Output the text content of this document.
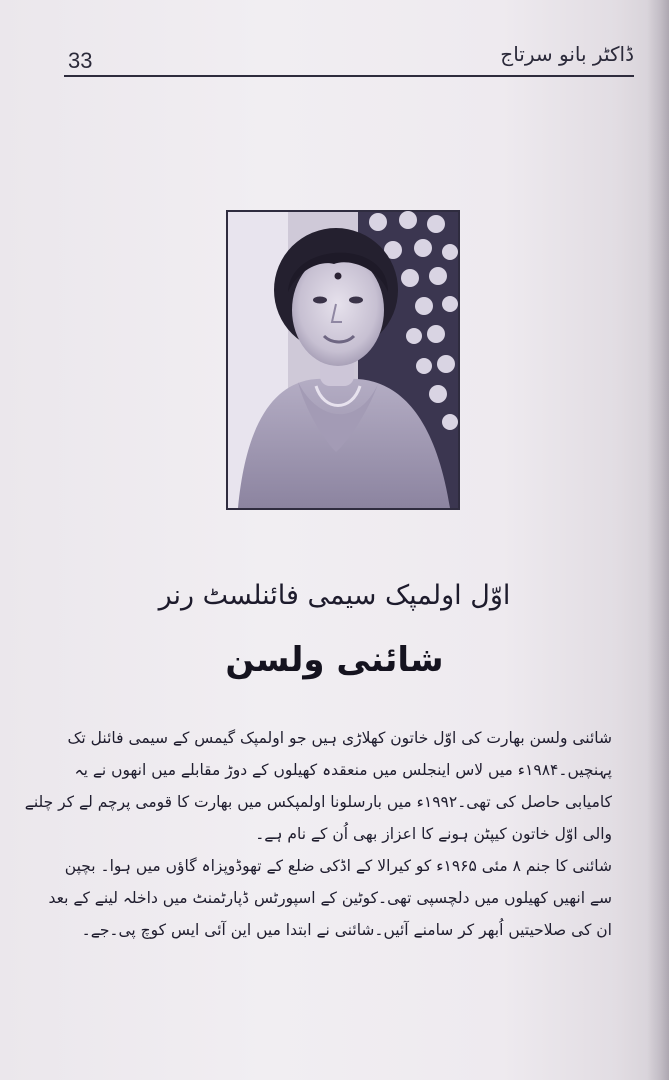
33	ڈاکٹر بانو سرتاج
اوّل اولمپک سیمی فائنلسٹ رنر
شائنی ولسن
شائنی ولسن بھارت کی اوّل خاتون کھلاڑی ہیں جو اولمپک گیمس کے سیمی فائنل تک
پہنچیں۔۱۹۸۴ء میں لاس اینجلس میں منعقدہ کھیلوں کے دوڑ مقابلے میں انھوں نے یہ
کامیابی حاصل کی تھی۔۱۹۹۲ء میں بارسلونا اولمپکس میں بھارت کا قومی پرچم لے کر چلنے
والی اوّل خاتون کیپٹن ہونے کا اعزاز بھی اُن کے نام ہے۔
شائنی کا جنم ۸ مئی ۱۹۶۵ء کو کیرالا کے اڈکی ضلع کے تھوڈوپزاہ گاؤں میں ہوا۔ بچپن
سے انھیں کھیلوں میں دلچسپی تھی۔کوٹین کے اسپورٹس ڈپارٹمنٹ میں داخلہ لینے کے بعد
ان کی صلاحیتیں اُبھر کر سامنے آئیں۔شائنی نے ابتدا میں این آئی ایس کوچ پی۔جے۔
